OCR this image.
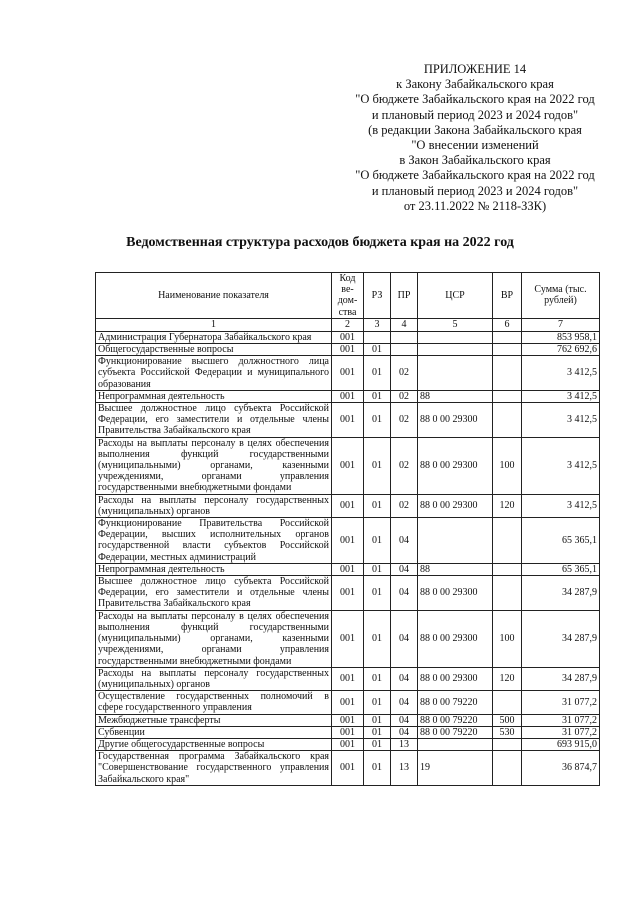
ПРИЛОЖЕНИЕ 14
к Закону Забайкальского края
"О бюджете Забайкальского края на 2022 год
и плановый период 2023 и 2024 годов"
(в редакции Закона Забайкальского края
"О внесении изменений
в Закон Забайкальского края
"О бюджете Забайкальского края на 2022 год
и плановый период 2023 и 2024 годов"
от 23.11.2022 № 2118-ЗЗК)
Ведомственная структура расходов бюджета края на 2022 год
Наименование показателя	Код ве-дом-ства	РЗ	ПР	ЦСР	ВР	Сумма (тыс. рублей)
1	2	3	4	5	6	7
Администрация Губернатора Забайкальского края	001					853 958,1
Общегосударственные вопросы	001	01				762 692,6
Функционирование высшего должностного лица субъекта Российской Федерации и муниципального образования	001	01	02			3 412,5
Непрограммная деятельность	001	01	02	88		3 412,5
Высшее должностное лицо субъекта Российской Федерации, его заместители и отдельные члены Правительства Забайкальского края	001	01	02	88 0 00 29300		3 412,5
Расходы на выплаты персоналу в целях обеспечения выполнения функций государственными (муниципальными) органами, казенными учреждениями, органами управления государственными внебюджетными фондами	001	01	02	88 0 00 29300	100	3 412,5
Расходы на выплаты персоналу государственных (муниципальных) органов	001	01	02	88 0 00 29300	120	3 412,5
Функционирование Правительства Российской Федерации, высших исполнительных органов государственной власти субъектов Российской Федерации, местных администраций	001	01	04			65 365,1
Непрограммная деятельность	001	01	04	88		65 365,1
Высшее должностное лицо субъекта Российской Федерации, его заместители и отдельные члены Правительства Забайкальского края	001	01	04	88 0 00 29300		34 287,9
Расходы на выплаты персоналу в целях обеспечения выполнения функций государственными (муниципальными) органами, казенными учреждениями, органами управления государственными внебюджетными фондами	001	01	04	88 0 00 29300	100	34 287,9
Расходы на выплаты персоналу государственных (муниципальных) органов	001	01	04	88 0 00 29300	120	34 287,9
Осуществление государственных полномочий в сфере государственного управления	001	01	04	88 0 00 79220		31 077,2
Межбюджетные трансферты	001	01	04	88 0 00 79220	500	31 077,2
Субвенции	001	01	04	88 0 00 79220	530	31 077,2
Другие общегосударственные вопросы	001	01	13			693 915,0
Государственная программа Забайкальского края "Совершенствование государственного управления Забайкальского края"	001	01	13	19		36 874,7
